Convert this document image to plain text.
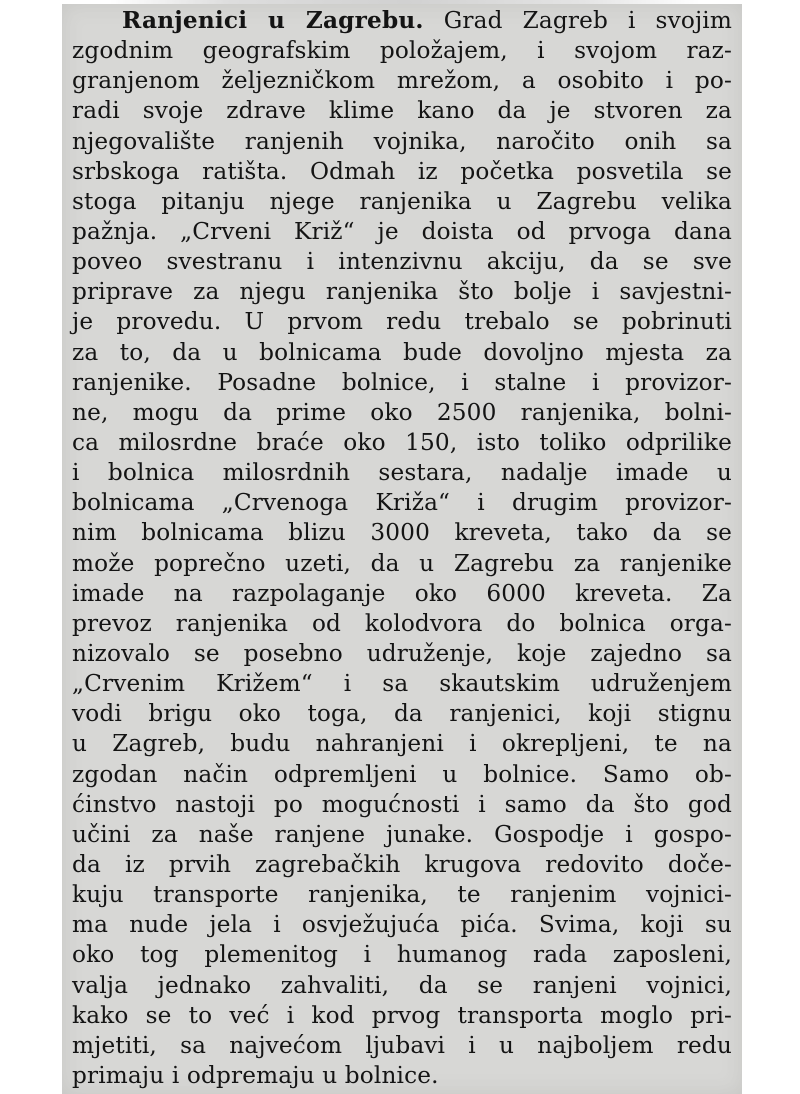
Ranjenici u Zagrebu. Grad Zagreb i svojim
zgodnim geografskim položajem, i svojom raz-
granjenom željezničkom mrežom, a osobito i po-
radi svoje zdrave klime kano da je stvoren za
njegovalište ranjenih vojnika, naročito onih sa
srbskoga ratišta. Odmah iz početka posvetila se
stoga pitanju njege ranjenika u Zagrebu velika
pažnja. „Crveni Križ“ je doista od prvoga dana
poveo svestranu i intenzivnu akciju, da se sve
priprave za njegu ranjenika što bolje i savjestni-
je provedu. U prvom redu trebalo se pobrinuti
za to, da u bolnicama bude dovoljno mjesta za
ranjenike. Posadne bolnice, i stalne i provizor-
ne, mogu da prime oko 2500 ranjenika, bolni-
ca milosrdne braće oko 150, isto toliko odprilike
i bolnica milosrdnih sestara, nadalje imade u
bolnicama „Crvenoga Križa“ i drugim provizor-
nim bolnicama blizu 3000 kreveta, tako da se
može poprečno uzeti, da u Zagrebu za ranjenike
imade na razpolaganje oko 6000 kreveta. Za
prevoz ranjenika od kolodvora do bolnica orga-
nizovalo se posebno udruženje, koje zajedno sa
„Crvenim Križem“ i sa skautskim udruženjem
vodi brigu oko toga, da ranjenici, koji stignu
u Zagreb, budu nahranjeni i okrepljeni, te na
zgodan način odpremljeni u bolnice. Samo ob-
ćinstvo nastoji po mogućnosti i samo da što god
učini za naše ranjene junake. Gospodje i gospo-
da iz prvih zagrebačkih krugova redovito doče-
kuju transporte ranjenika, te ranjenim vojnici-
ma nude jela i osvježujuća pića. Svima, koji su
oko tog plemenitog i humanog rada zaposleni,
valja jednako zahvaliti, da se ranjeni vojnici,
kako se to već i kod prvog transporta moglo pri-
mjetiti, sa najvećom ljubavi i u najboljem redu
primaju i odpremaju u bolnice.
